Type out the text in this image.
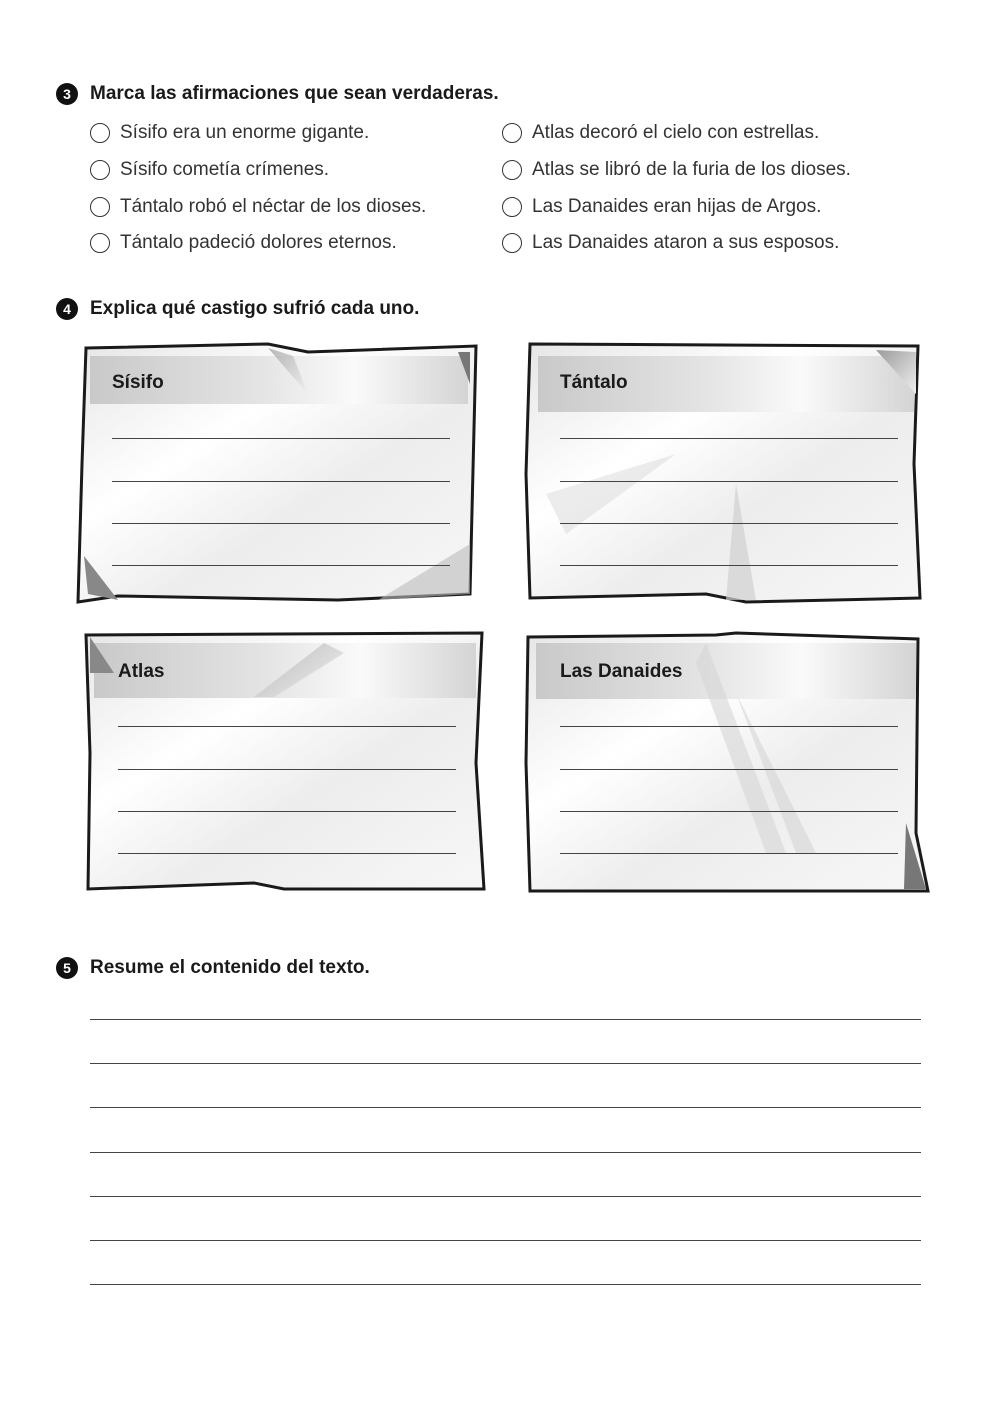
3	Marca las afirmaciones que sean verdaderas.
Sísifo era un enorme gigante.
Sísifo cometía crímenes.
Tántalo robó el néctar de los dioses.
Tántalo padeció dolores eternos.
Atlas decoró el cielo con estrellas.
Atlas se libró de la furia de los dioses.
Las Danaides eran hijas de Argos.
Las Danaides ataron a sus esposos.
4	Explica qué castigo sufrió cada uno.
Sísifo	Tántalo
Atlas	Las Danaides
5	Resume el contenido del texto.
